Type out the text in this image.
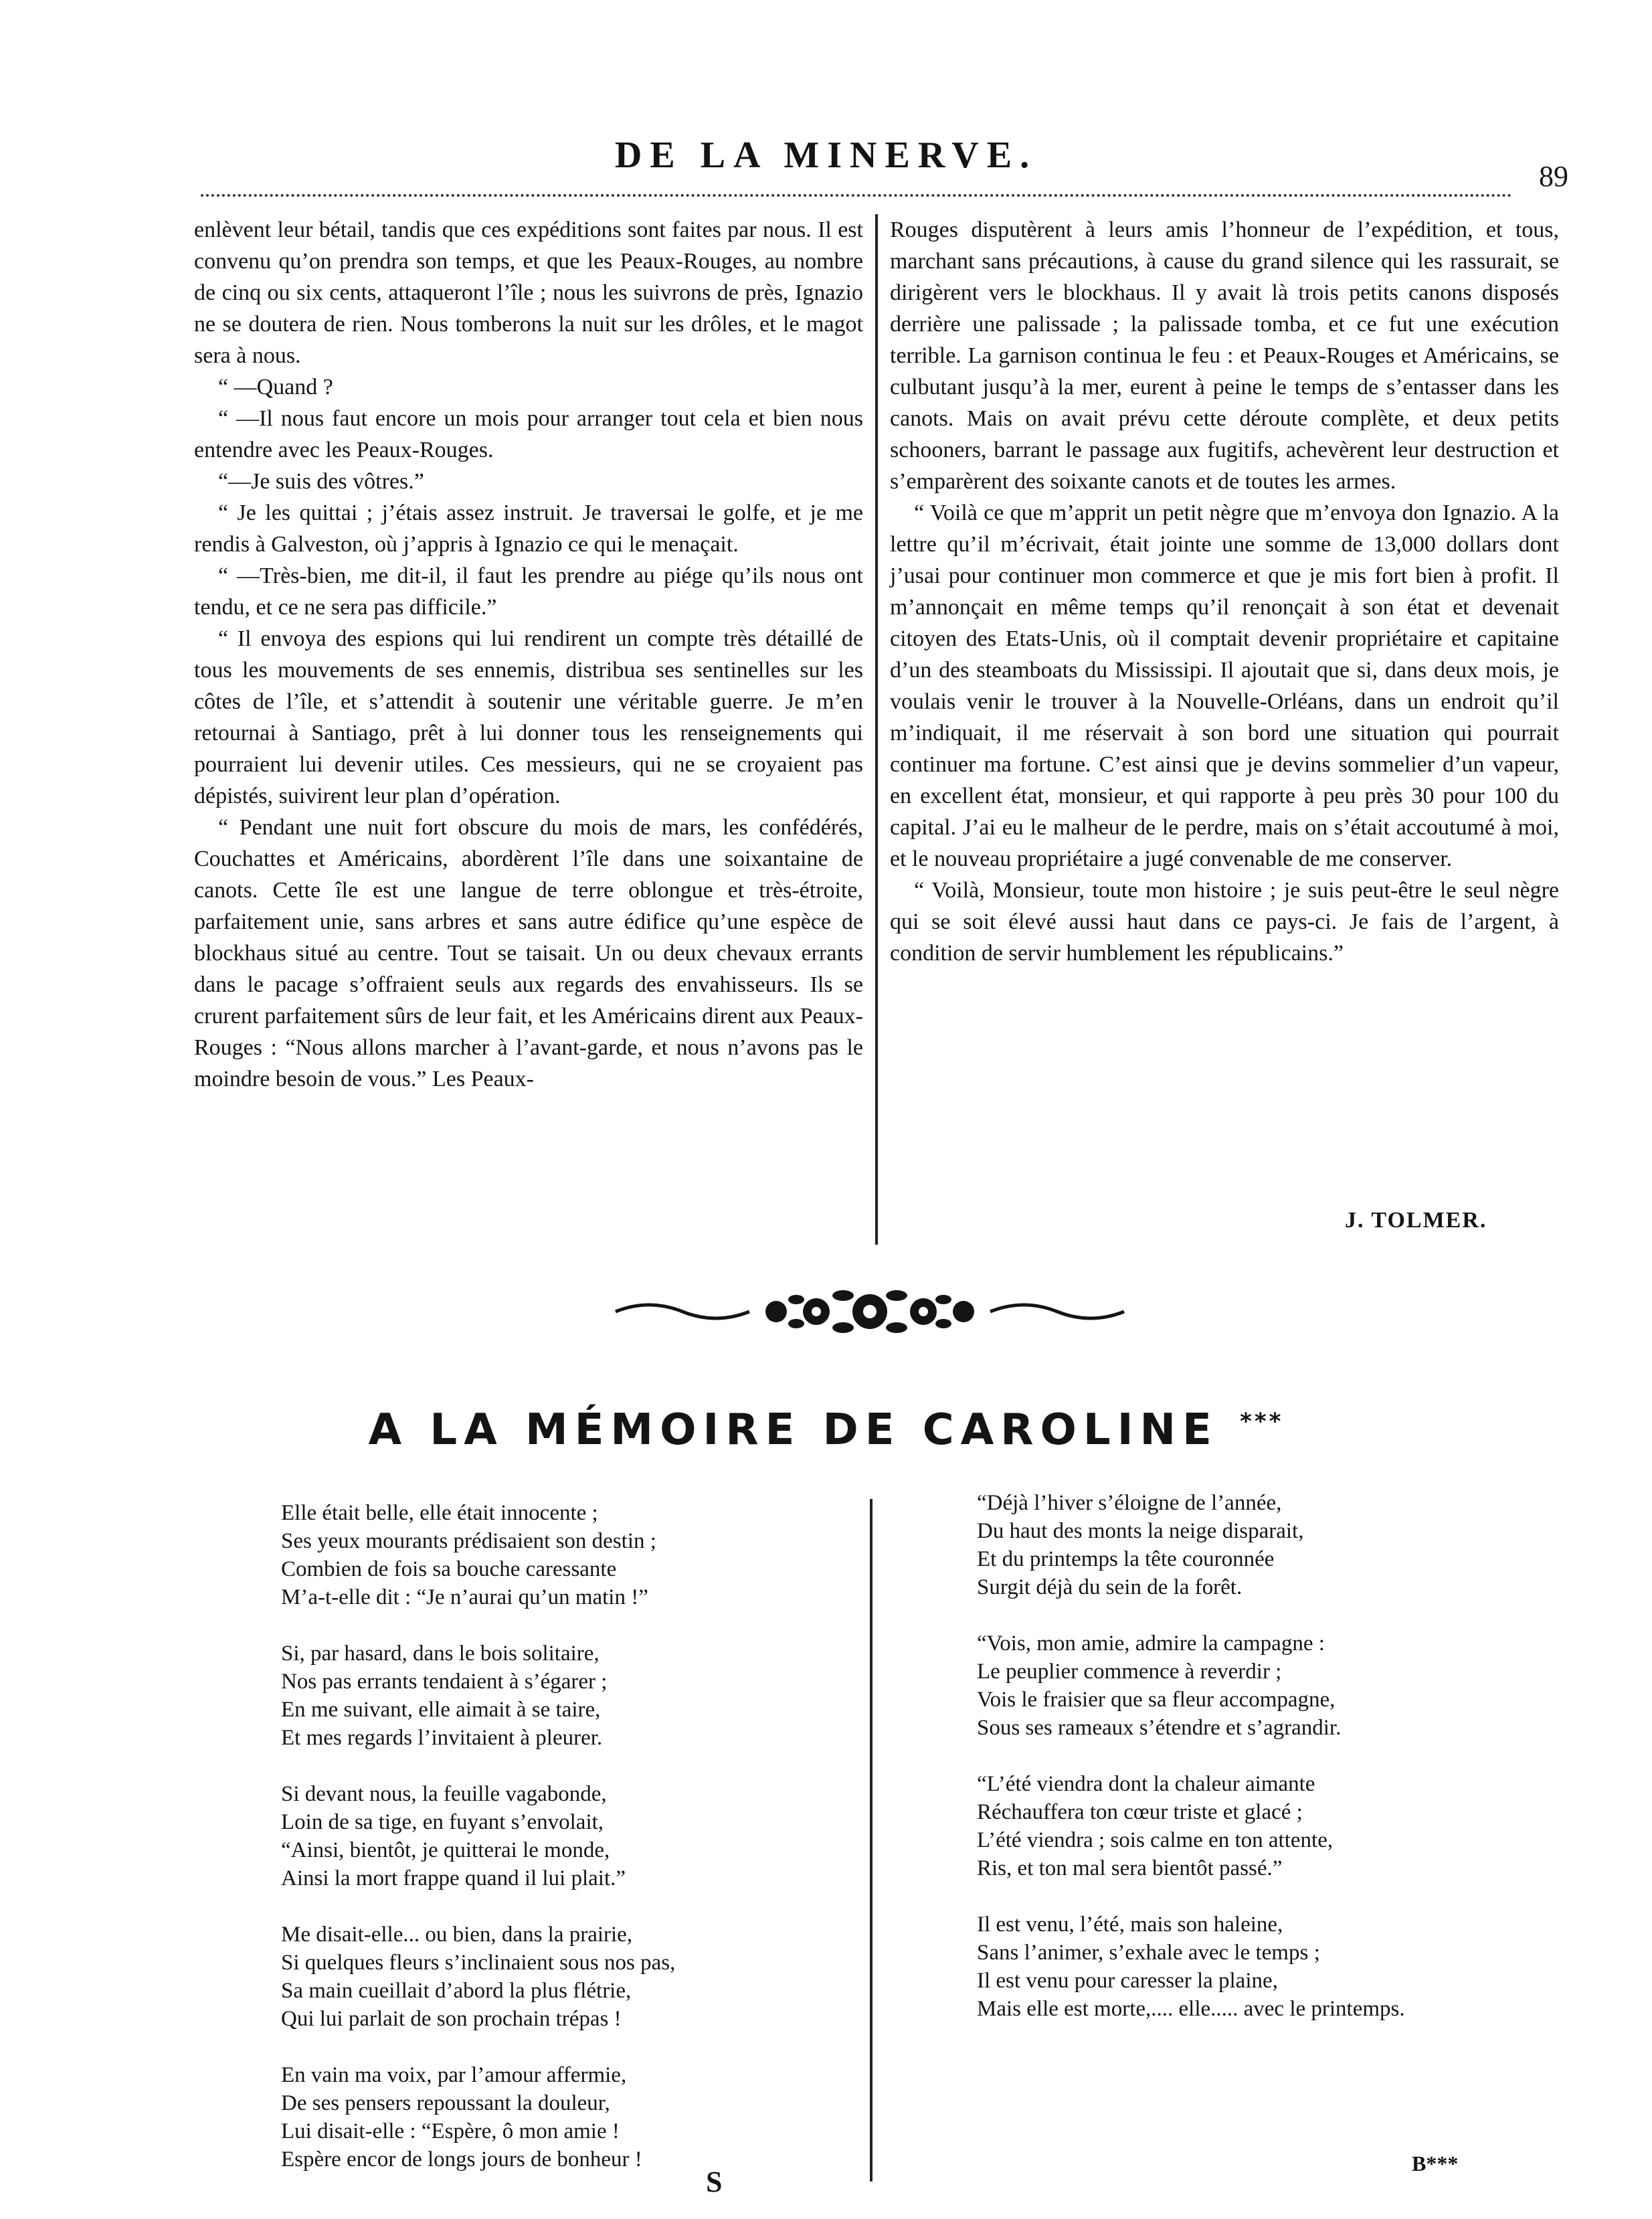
DE LA MINERVE.
89

enlèvent leur bétail, tandis que ces expéditions sont faites par nous. Il est convenu qu’on prendra son temps, et que les Peaux-Rouges, au nombre de cinq ou six cents, attaqueront l’île ; nous les suivrons de près, Ignazio ne se doutera de rien. Nous tomberons la nuit sur les drôles, et le magot sera à nous.

“ —Quand ?

“ —Il nous faut encore un mois pour arranger tout cela et bien nous entendre avec les Peaux-Rouges.

“—Je suis des vôtres.”

“ Je les quittai ; j’étais assez instruit. Je traversai le golfe, et je me rendis à Galveston, où j’appris à Ignazio ce qui le menaçait.

“ —Très-bien, me dit-il, il faut les prendre au piége qu’ils nous ont tendu, et ce ne sera pas difficile.”

“ Il envoya des espions qui lui rendirent un compte très détaillé de tous les mouvements de ses ennemis, distribua ses sentinelles sur les côtes de l’île, et s’attendit à soutenir une véritable guerre. Je m’en retournai à Santiago, prêt à lui donner tous les renseignements qui pourraient lui devenir utiles. Ces messieurs, qui ne se croyaient pas dépistés, suivirent leur plan d’opération.

“ Pendant une nuit fort obscure du mois de mars, les confédérés, Couchattes et Américains, abordèrent l’île dans une soixantaine de canots. Cette île est une langue de terre oblongue et très-étroite, parfaitement unie, sans arbres et sans autre édifice qu’une espèce de blockhaus situé au centre. Tout se taisait. Un ou deux chevaux errants dans le pacage s’offraient seuls aux regards des envahisseurs. Ils se crurent parfaitement sûrs de leur fait, et les Américains dirent aux Peaux-Rouges : “Nous allons marcher à l’avant-garde, et nous n’avons pas le moindre besoin de vous.” Les Peaux-

Rouges disputèrent à leurs amis l’honneur de l’expédition, et tous, marchant sans précautions, à cause du grand silence qui les rassurait, se dirigèrent vers le blockhaus. Il y avait là trois petits canons disposés derrière une palissade ; la palissade tomba, et ce fut une exécution terrible. La garnison continua le feu : et Peaux-Rouges et Américains, se culbutant jusqu’à la mer, eurent à peine le temps de s’entasser dans les canots. Mais on avait prévu cette déroute complète, et deux petits schooners, barrant le passage aux fugitifs, achevèrent leur destruction et s’emparèrent des soixante canots et de toutes les armes.

“ Voilà ce que m’apprit un petit nègre que m’envoya don Ignazio. A la lettre qu’il m’écrivait, était jointe une somme de 13,000 dollars dont j’usai pour continuer mon commerce et que je mis fort bien à profit. Il m’annonçait en même temps qu’il renonçait à son état et devenait citoyen des Etats-Unis, où il comptait devenir propriétaire et capitaine d’un des steamboats du Mississipi. Il ajoutait que si, dans deux mois, je voulais venir le trouver à la Nouvelle-Orléans, dans un endroit qu’il m’indiquait, il me réservait à son bord une situation qui pourrait continuer ma fortune. C’est ainsi que je devins sommelier d’un vapeur, en excellent état, monsieur, et qui rapporte à peu près 30 pour 100 du capital. J’ai eu le malheur de le perdre, mais on s’était accoutumé à moi, et le nouveau propriétaire a jugé convenable de me conserver.

“ Voilà, Monsieur, toute mon histoire ; je suis peut-être le seul nègre qui se soit élevé aussi haut dans ce pays-ci. Je fais de l’argent, à condition de servir humblement les républicains.”

J. TOLMER.
A LA MÉMOIRE DE CAROLINE ***
Elle était belle, elle était innocente ;
Ses yeux mourants prédisaient son destin ;
Combien de fois sa bouche caressante
M’a-t-elle dit : “Je n’aurai qu’un matin !”
Si, par hasard, dans le bois solitaire,
Nos pas errants tendaient à s’égarer ;
En me suivant, elle aimait à se taire,
Et mes regards l’invitaient à pleurer.
Si devant nous, la feuille vagabonde,
Loin de sa tige, en fuyant s’envolait,
“Ainsi, bientôt, je quitterai le monde,
Ainsi la mort frappe quand il lui plait.”
Me disait-elle... ou bien, dans la prairie,
Si quelques fleurs s’inclinaient sous nos pas,
Sa main cueillait d’abord la plus flétrie,
Qui lui parlait de son prochain trépas !
En vain ma voix, par l’amour affermie,
De ses pensers repoussant la douleur,
Lui disait-elle : “Espère, ô mon amie !
Espère encor de longs jours de bonheur !
“Déjà l’hiver s’éloigne de l’année,
Du haut des monts la neige disparait,
Et du printemps la tête couronnée
Surgit déjà du sein de la forêt.
“Vois, mon amie, admire la campagne :
Le peuplier commence à reverdir ;
Vois le fraisier que sa fleur accompagne,
Sous ses rameaux s’étendre et s’agrandir.
“L’été viendra dont la chaleur aimante
Réchauffera ton cœur triste et glacé ;
L’été viendra ; sois calme en ton attente,
Ris, et ton mal sera bientôt passé.”
Il est venu, l’été, mais son haleine,
Sans l’animer, s’exhale avec le temps ;
Il est venu pour caresser la plaine,
Mais elle est morte,.... elle..... avec le printemps.
B***
S
